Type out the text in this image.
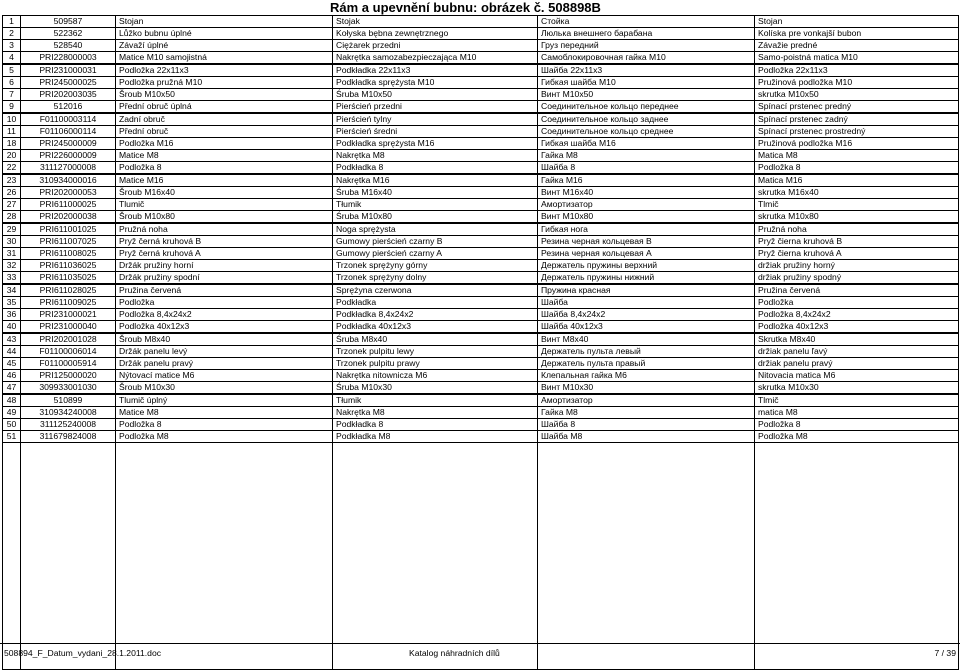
Rám a upevnění bubnu: obrázek č. 508898B
1	509587	Stojan	Stojak	Стойка	Stojan
2	522362	Lůžko bubnu úplné	Kołyska bębna zewnętrznego	Люлька внешнего барабана	Kolíska pre vonkajší bubon
3	528540	Závaží úplné	Ciężarek przedni	Груз передний	Závažie predné
4	PRI228000003	Matice M10 samojistná	Nakrętka samozabezpieczająca M10	Самоблокировочная гайка M10	Samo-poistná matica M10
5	PRI231000031	Podložka 22x11x3	Podkładka 22x11x3	Шайба 22x11x3	Podložka 22x11x3
6	PRI245000025	Podložka pružná M10	Podkładka sprężysta M10	Гибкая шайба M10	Pružinová podložka M10
7	PRI202003035	Šroub M10x50	Śruba M10x50	Винт M10x50	skrutka M10x50
9	512016	Přední obruč úplná	Pierścień przedni	Соединительное кольцо переднее	Spínací prstenec predný
10	F01100003114	Zadní obruč	Pierścień tylny	Соединительное кольцо заднее	Spínací prstenec zadný
11	F01106000114	Přední obruč	Pierścień średni	Соединительное кольцо среднее	Spínací prstenec prostredný
18	PRI245000009	Podložka M16	Podkładka sprężysta M16	Гибкая шайба M16	Pružinová podložka M16
20	PRI226000009	Matice M8	Nakrętka M8	Гайка M8	Matica M8
22	311127000008	Podložka 8	Podkładka 8	Шайба 8	Podložka 8
23	310934000016	Matice M16	Nakrętka M16	Гайка M16	Matica M16
26	PRI202000053	Šroub M16x40	Śruba M16x40	Винт M16x40	skrutka M16x40
27	PRI611000025	Tlumič	Tłumik	Амортизатор	Tlmič
28	PRI202000038	Šroub M10x80	Śruba M10x80	Винт M10x80	skrutka M10x80
29	PRI611001025	Pružná noha	Noga sprężysta	Гибкая нога	Pružná noha
30	PRI611007025	Pryž černá kruhová B	Gumowy pierścień czarny B	Резина черная кольцевая B	Pryž čierna kruhová B
31	PRI611008025	Pryž černá kruhová A	Gumowy pierścień czarny A	Резина черная кольцевая A	Pryž čierna kruhová A
32	PRI611036025	Držák pružiny horní	Trzonek sprężyny górny	Держатель пружины верхний	držiak pružiny horný
33	PRI611035025	Držák pružiny spodní	Trzonek sprężyny dolny	Держатель пружины нижний	držiak pružiny spodný
34	PRI611028025	Pružina červená	Sprężyna czerwona	Пружина красная	Pružina červená
35	PRI611009025	Podložka	Podkładka	Шайба	Podložka
36	PRI231000021	Podložka 8,4x24x2	Podkładka 8,4x24x2	Шайба 8,4x24x2	Podložka 8,4x24x2
40	PRI231000040	Podložka 40x12x3	Podkładka 40x12x3	Шайба 40x12x3	Podložka 40x12x3
43	PRI202001028	Šroub M8x40	Śruba M8x40	Винт M8x40	Skrutka M8x40
44	F01100006014	Držák panelu levý	Trzonek pulpitu lewy	Держатель пульта левый	držiak panelu ľavý
45	F01100005914	Držák panelu pravý	Trzonek pulpitu prawy	Держатель пульта правый	držiak panelu pravý
46	PRI125000020	Nýtovací matice M6	Nakrętka nitownicza M6	Клепальная гайка M6	Nitovacia matica M6
47	309933001030	Šroub M10x30	Śruba M10x30	Винт M10x30	skrutka M10x30
48	510899	Tlumič úplný	Tłumik	Амортизатор	Tlmič
49	310934240008	Matice M8	Nakrętka M8	Гайка M8	matica M8
50	311125240008	Podložka 8	Podkładka 8	Шайба 8	Podložka 8
51	311679824008	Podložka M8	Podkładka M8	Шайба M8	Podložka M8

508894_F_Datum_vydani_28.1.2011.doc	Katalog náhradních dílů	7 / 39
